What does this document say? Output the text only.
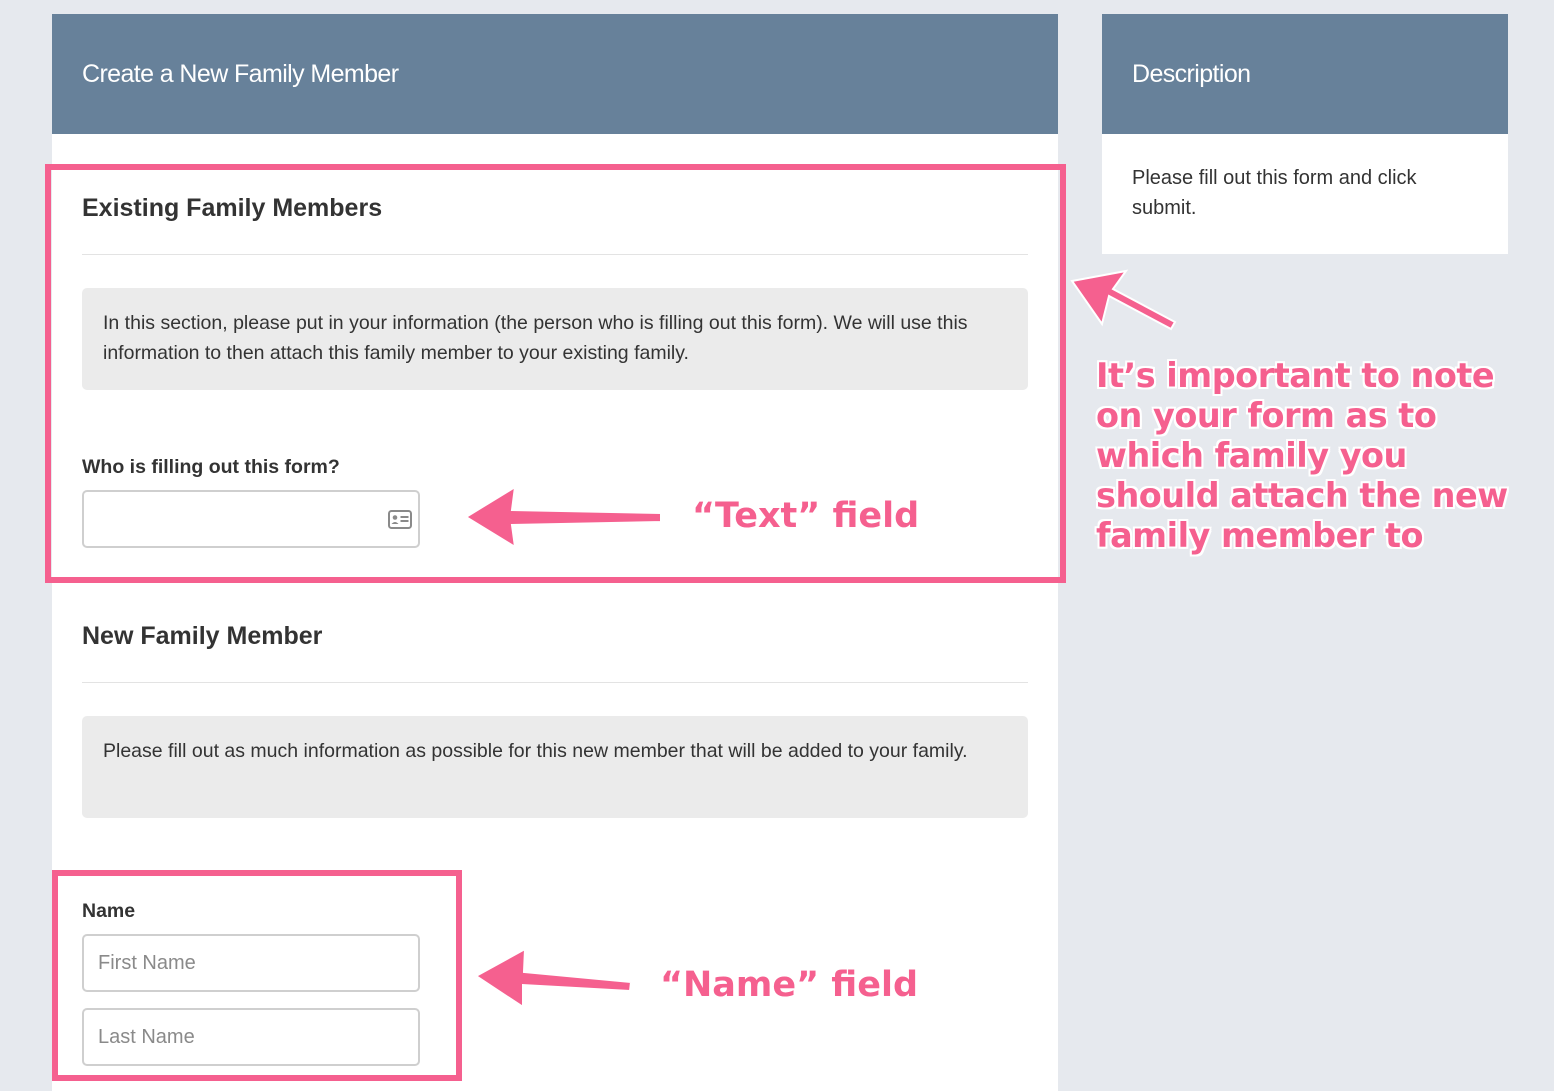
Create a New Family Member
Existing Family Members
In this section, please put in your information (the person who is filling out this form). We will use this information to then attach this family member to your existing family.
Who is filling out this form?
New Family Member
Please fill out as much information as possible for this new member that will be added to your family.
Name
First Name
Last Name
Description
Please fill out this form and click submit.
“Text” field
“Name” field
It’s important to note on your form as to which family you should attach the new family member to
